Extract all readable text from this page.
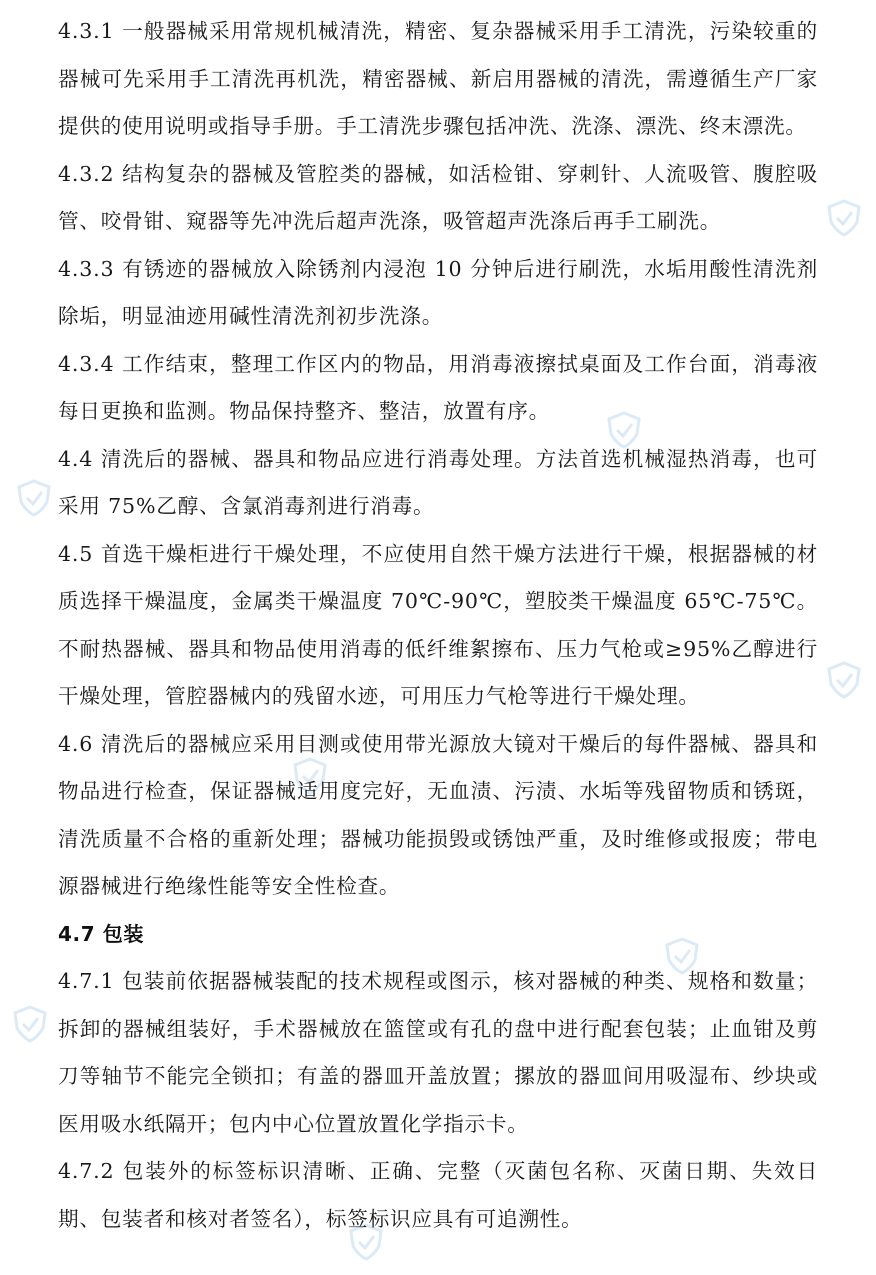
4.3.1 一般器械采用常规机械清洗，精密、复杂器械采用手工清洗，污染较重的器械可先采用手工清洗再机洗，精密器械、新启用器械的清洗，需遵循生产厂家提供的使用说明或指导手册。手工清洗步骤包括冲洗、洗涤、漂洗、终末漂洗。

4.3.2 结构复杂的器械及管腔类的器械，如活检钳、穿刺针、人流吸管、腹腔吸管、咬骨钳、窥器等先冲洗后超声洗涤，吸管超声洗涤后再手工刷洗。

4.3.3 有锈迹的器械放入除锈剂内浸泡 10 分钟后进行刷洗，水垢用酸性清洗剂除垢，明显油迹用碱性清洗剂初步洗涤。

4.3.4 工作结束，整理工作区内的物品，用消毒液擦拭桌面及工作台面，消毒液每日更换和监测。物品保持整齐、整洁，放置有序。

4.4 清洗后的器械、器具和物品应进行消毒处理。方法首选机械湿热消毒，也可采用 75%乙醇、含氯消毒剂进行消毒。

4.5 首选干燥柜进行干燥处理，不应使用自然干燥方法进行干燥，根据器械的材质选择干燥温度，金属类干燥温度 70℃-90℃，塑胶类干燥温度 65℃-75℃。不耐热器械、器具和物品使用消毒的低纤维絮擦布、压力气枪或≥95%乙醇进行干燥处理，管腔器械内的残留水迹，可用压力气枪等进行干燥处理。

4.6 清洗后的器械应采用目测或使用带光源放大镜对干燥后的每件器械、器具和物品进行检查，保证器械适用度完好，无血渍、污渍、水垢等残留物质和锈斑，清洗质量不合格的重新处理；器械功能损毁或锈蚀严重，及时维修或报废；带电源器械进行绝缘性能等安全性检查。

4.7 包装

4.7.1 包装前依据器械装配的技术规程或图示，核对器械的种类、规格和数量；拆卸的器械组装好，手术器械放在篮筐或有孔的盘中进行配套包装；止血钳及剪刀等轴节不能完全锁扣；有盖的器皿开盖放置；摞放的器皿间用吸湿布、纱块或医用吸水纸隔开；包内中心位置放置化学指示卡。

4.7.2 包装外的标签标识清晰、正确、完整（灭菌包名称、灭菌日期、失效日期、包装者和核对者签名），标签标识应具有可追溯性。
